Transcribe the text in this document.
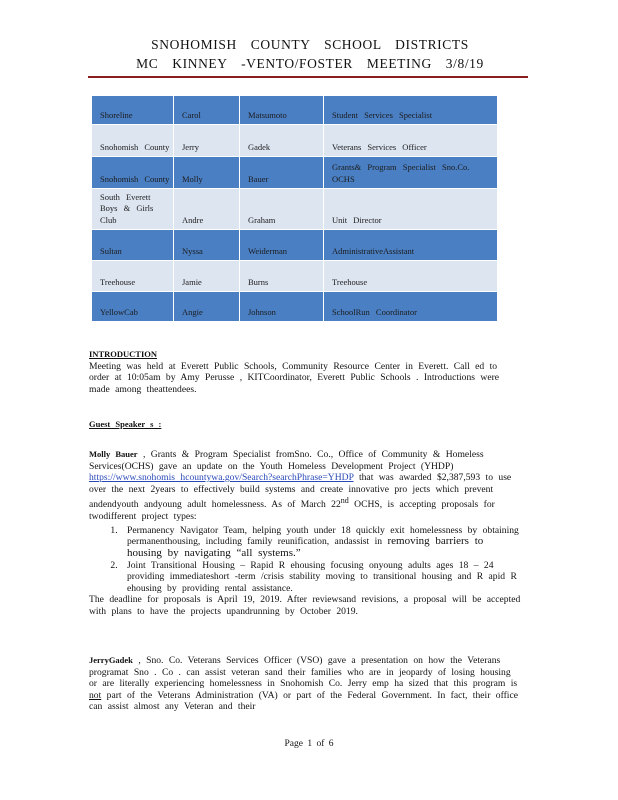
SNOHOMISH COUNTY SCHOOL DISTRICTS
MC KINNEY -VENTO/FOSTER MEETING 3/8/19
Shoreline	Carol	Matsumoto	Student Services Specialist
Snohomish County	Jerry	Gadek	Veterans Services Officer
Snohomish County	Molly	Bauer	Grants& Program Specialist Sno.Co. OCHS
South Everett Boys & Girls Club	Andre	Graham	Unit Director
Sultan	Nyssa	Weiderman	AdministrativeAssistant
Treehouse	Jamie	Burns	Treehouse
YellowCab	Angie	Johnson	SchoolRun Coordinator
INTRODUCTION
Meeting was held at Everett Public Schools, Community Resource Center in Everett. Call ed to order at 10:05am by Amy Perusse , KITCoordinator, Everett Public Schools . Introductions were made among theattendees.
Guest Speaker s :
Molly Bauer , Grants & Program Specialist fromSno. Co., Office of Community & Homeless Services(OCHS) gave an update on the Youth Homeless Development Project (YHDP) https://www.snohomis hcountywa.gov/Search?searchPhrase=YHDP that was awarded $2,387,593 to use over the next 2years to effectively build systems and create innovative pro jects which prevent andendyouth andyoung adult homelessness. As of March 22nd OCHS, is accepting proposals for twodifferent project types:
1. Permanency Navigator Team, helping youth under 18 quickly exit homelessness by obtaining permanenthousing, including family reunification, andassist in removing barriers to housing by navigating “all systems.”
2. Joint Transitional Housing – Rapid R ehousing focusing onyoung adults ages 18 – 24 providing immediateshort -term /crisis stability moving to transitional housing and R apid R ehousing by providing rental assistance.
The deadline for proposals is April 19, 2019. After reviewsand revisions, a proposal will be accepted with plans to have the projects upandrunning by October 2019.
JerryGadek , Sno. Co. Veterans Services Officer (VSO) gave a presentation on how the Veterans programat Sno . Co . can assist veteran sand their families who are in jeopardy of losing housing or are literally experiencing homelessness in Snohomish Co. Jerry emp ha sized that this program is not part of the Veterans Administration (VA) or part of the Federal Government. In fact, their office can assist almost any Veteran and their
Page 1 of 6
